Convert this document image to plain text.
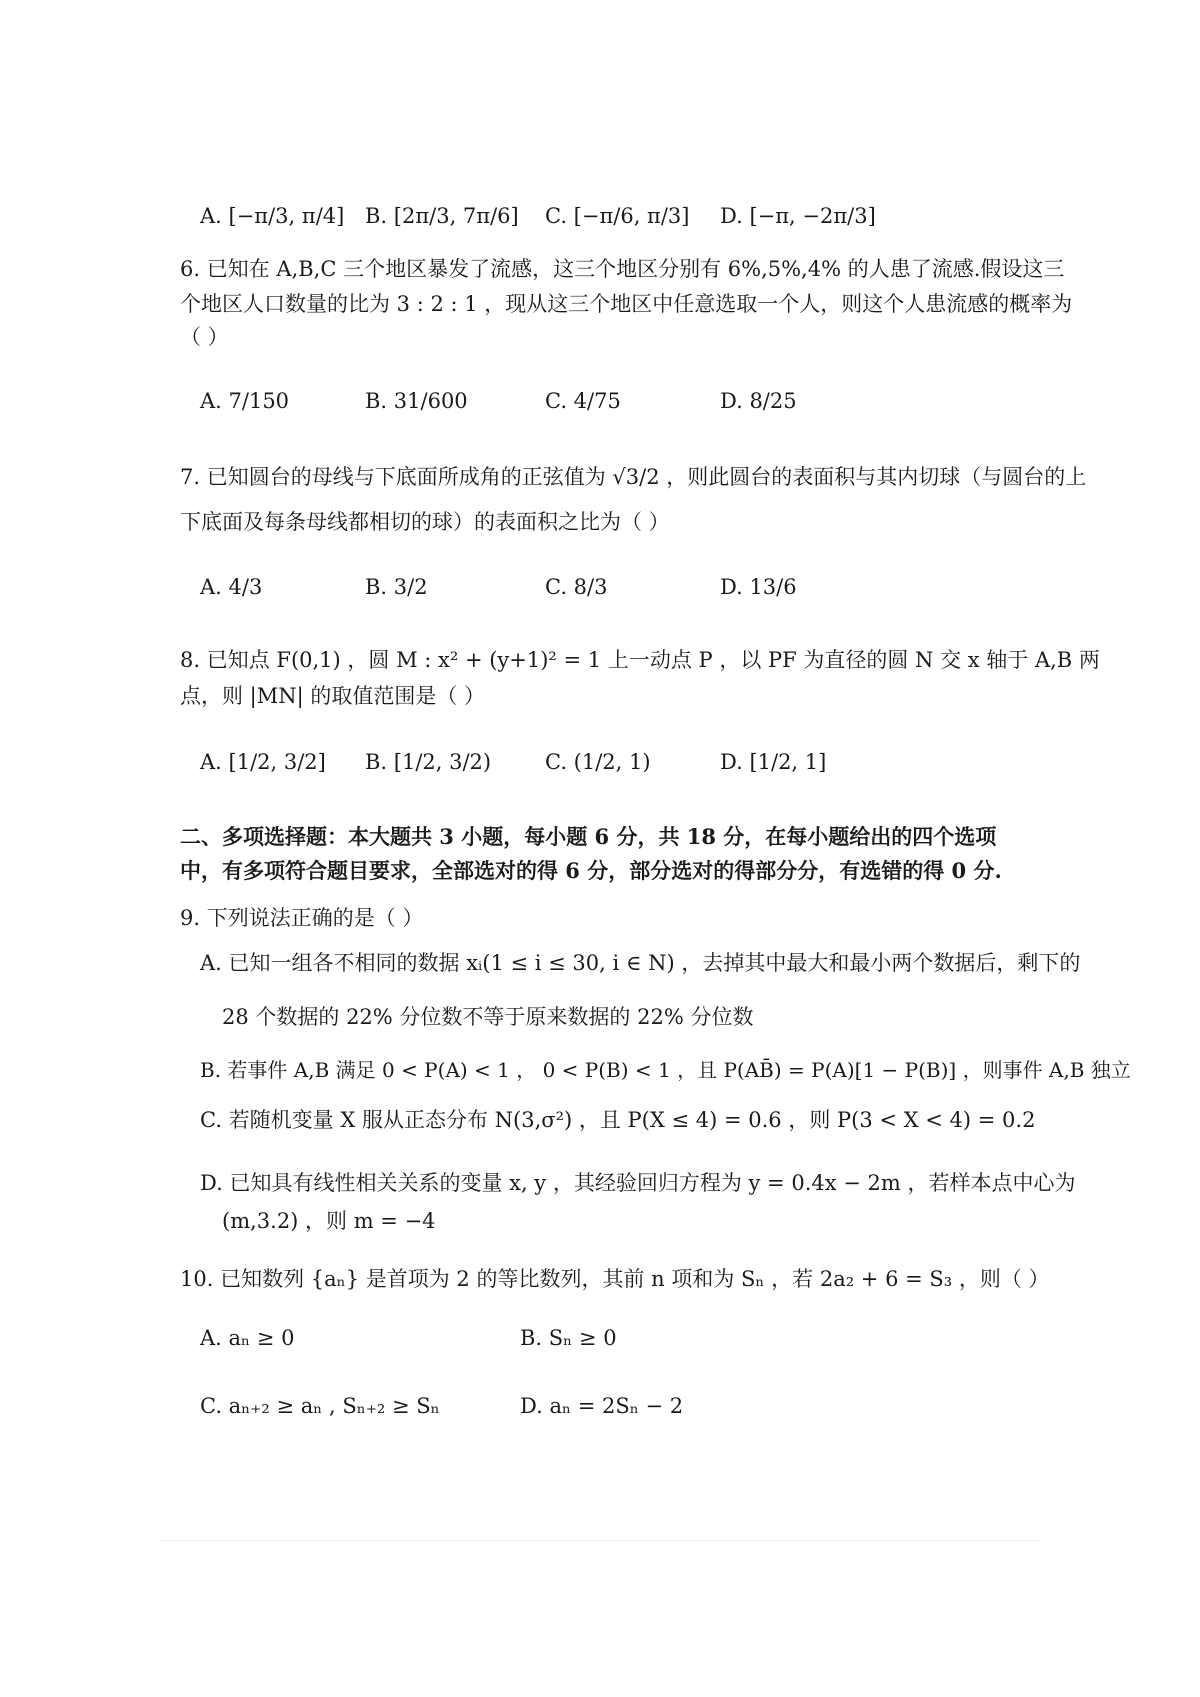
A. [−π/3, π/4] B. [2π/3, 7π/6] C. [−π/6, π/3] D. [−π, −2π/3]
6. 已知在 A,B,C 三个地区暴发了流感，这三个地区分别有 6%,5%,4% 的人患了流感.假设这三
个地区人口数量的比为 3 : 2 : 1 ，现从这三个地区中任意选取一个人，则这个人患流感的概率为
（ ）
A. 7/150	B. 31/600	C. 4/75	D. 8/25
7. 已知圆台的母线与下底面所成角的正弦值为 √3/2 ，则此圆台的表面积与其内切球（与圆台的上
下底面及每条母线都相切的球）的表面积之比为（ ）
A. 4/3	B. 3/2	C. 8/3	D. 13/6
8. 已知点 F(0,1) ，圆 M : x² + (y+1)² = 1 上一动点 P ，以 PF 为直径的圆 N 交 x 轴于 A,B 两
点，则 |MN| 的取值范围是（ ）
A. [1/2, 3/2] B. [1/2, 3/2)	C. (1/2, 1)	D. [1/2, 1]
二、多项选择题：本大题共 3 小题，每小题 6 分，共 18 分，在每小题给出的四个选项
中，有多项符合题目要求，全部选对的得 6 分，部分选对的得部分分，有选错的得 0 分.
9. 下列说法正确的是（ ）
A. 已知一组各不相同的数据 xᵢ(1 ≤ i ≤ 30, i ∈ N) ，去掉其中最大和最小两个数据后，剩下的
28 个数据的 22% 分位数不等于原来数据的 22% 分位数
B. 若事件 A,B 满足 0 < P(A) < 1 ， 0 < P(B) < 1 ，且 P(AB̄) = P(A)[1 − P(B)] ，则事件 A,B 独立
C. 若随机变量 X 服从正态分布 N(3,σ²) ，且 P(X ≤ 4) = 0.6 ，则 P(3 < X < 4) = 0.2
D. 已知具有线性相关关系的变量 x, y ，其经验回归方程为 y = 0.4x − 2m ，若样本点中心为
(m,3.2) ，则 m = −4
10. 已知数列 {aₙ} 是首项为 2 的等比数列，其前 n 项和为 Sₙ ，若 2a₂ + 6 = S₃ ，则（ ）
A. aₙ ≥ 0	B. Sₙ ≥ 0
C. aₙ₊₂ ≥ aₙ , Sₙ₊₂ ≥ Sₙ	D. aₙ = 2Sₙ − 2
